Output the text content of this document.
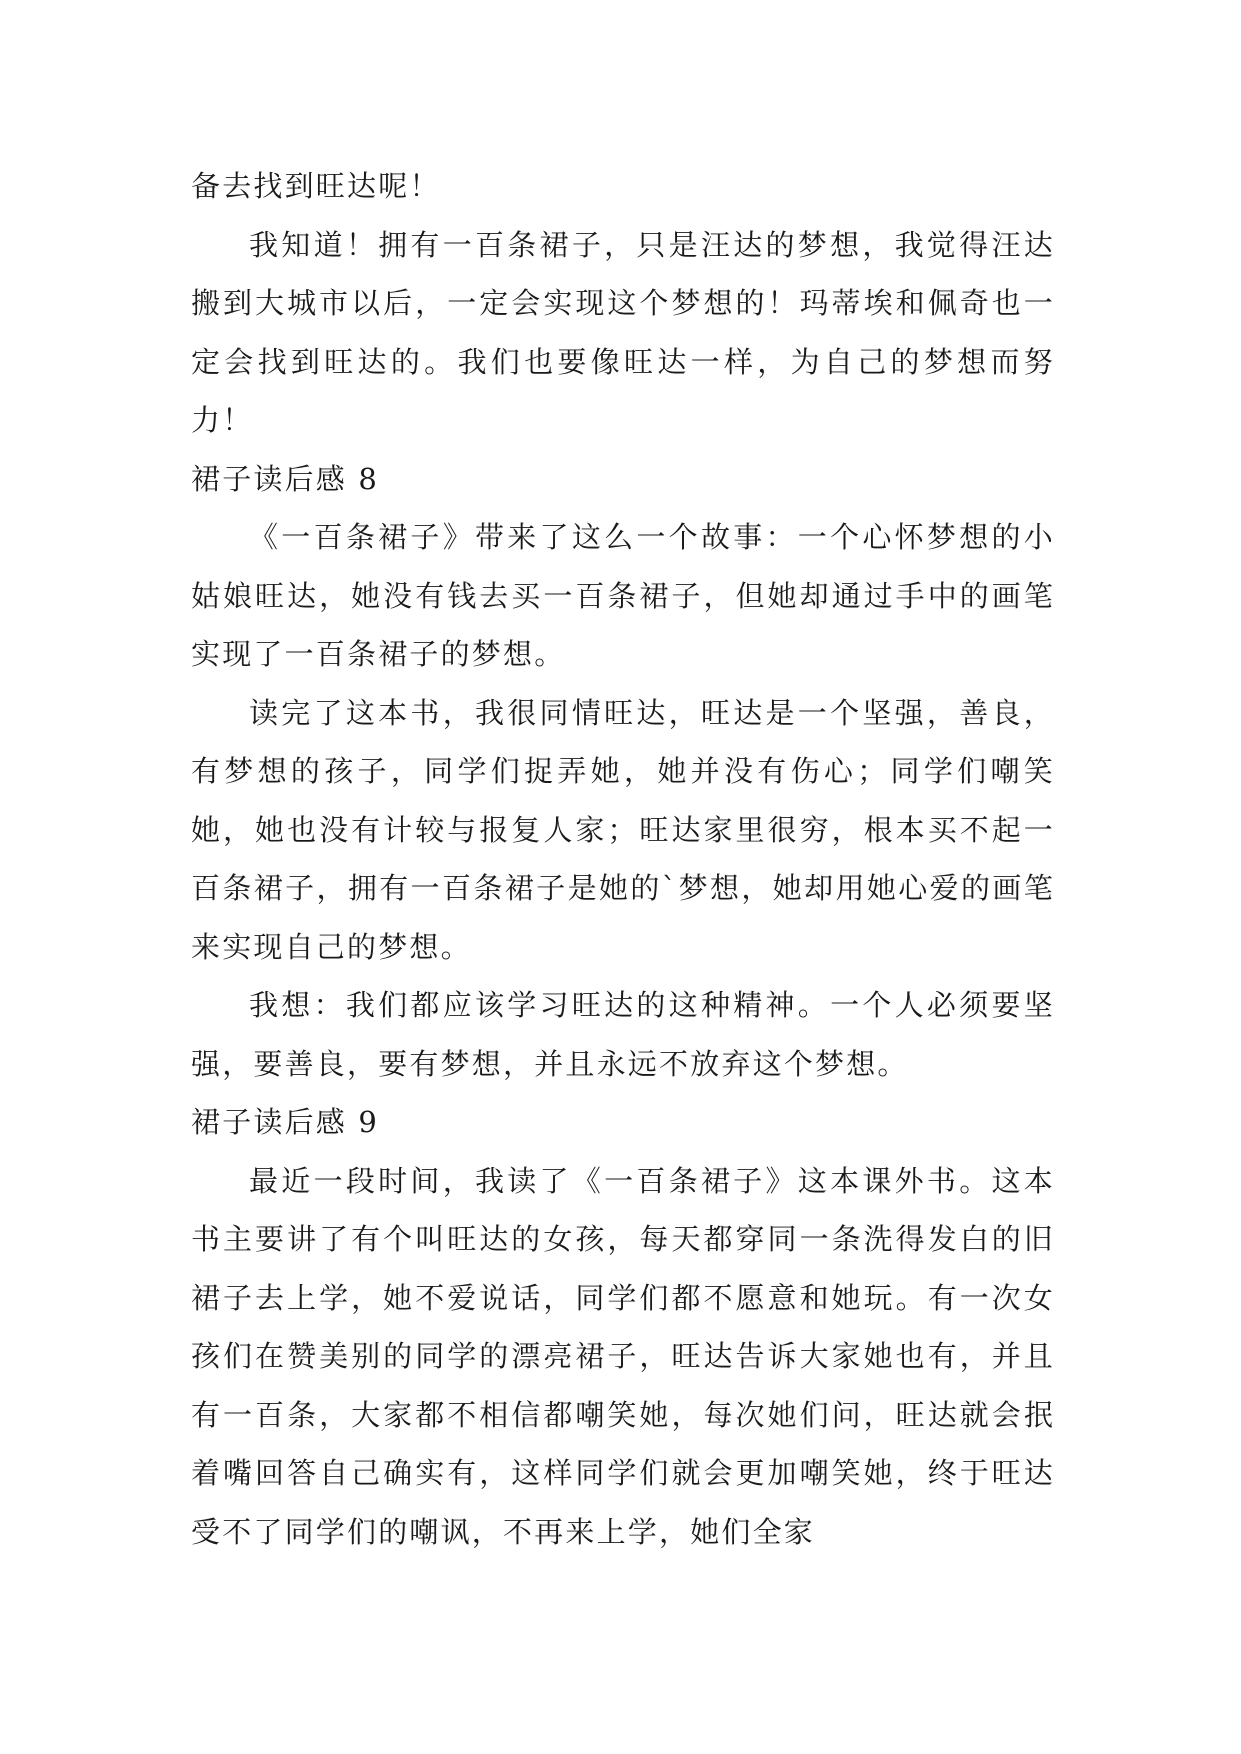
备去找到旺达呢！

我知道！拥有一百条裙子，只是汪达的梦想，我觉得汪达搬到大城市以后，一定会实现这个梦想的！玛蒂埃和佩奇也一定会找到旺达的。我们也要像旺达一样，为自己的梦想而努力！

裙子读后感 8

《一百条裙子》带来了这么一个故事：一个心怀梦想的小姑娘旺达，她没有钱去买一百条裙子，但她却通过手中的画笔实现了一百条裙子的梦想。

读完了这本书，我很同情旺达，旺达是一个坚强，善良，有梦想的孩子，同学们捉弄她，她并没有伤心；同学们嘲笑她，她也没有计较与报复人家；旺达家里很穷，根本买不起一百条裙子，拥有一百条裙子是她的`梦想，她却用她心爱的画笔来实现自己的梦想。

我想：我们都应该学习旺达的这种精神。一个人必须要坚强，要善良，要有梦想，并且永远不放弃这个梦想。

裙子读后感 9

最近一段时间，我读了《一百条裙子》这本课外书。这本书主要讲了有个叫旺达的女孩，每天都穿同一条洗得发白的旧裙子去上学，她不爱说话，同学们都不愿意和她玩。有一次女孩们在赞美别的同学的漂亮裙子，旺达告诉大家她也有，并且有一百条，大家都不相信都嘲笑她，每次她们问，旺达就会抿着嘴回答自己确实有，这样同学们就会更加嘲笑她，终于旺达受不了同学们的嘲讽，不再来上学，她们全家
